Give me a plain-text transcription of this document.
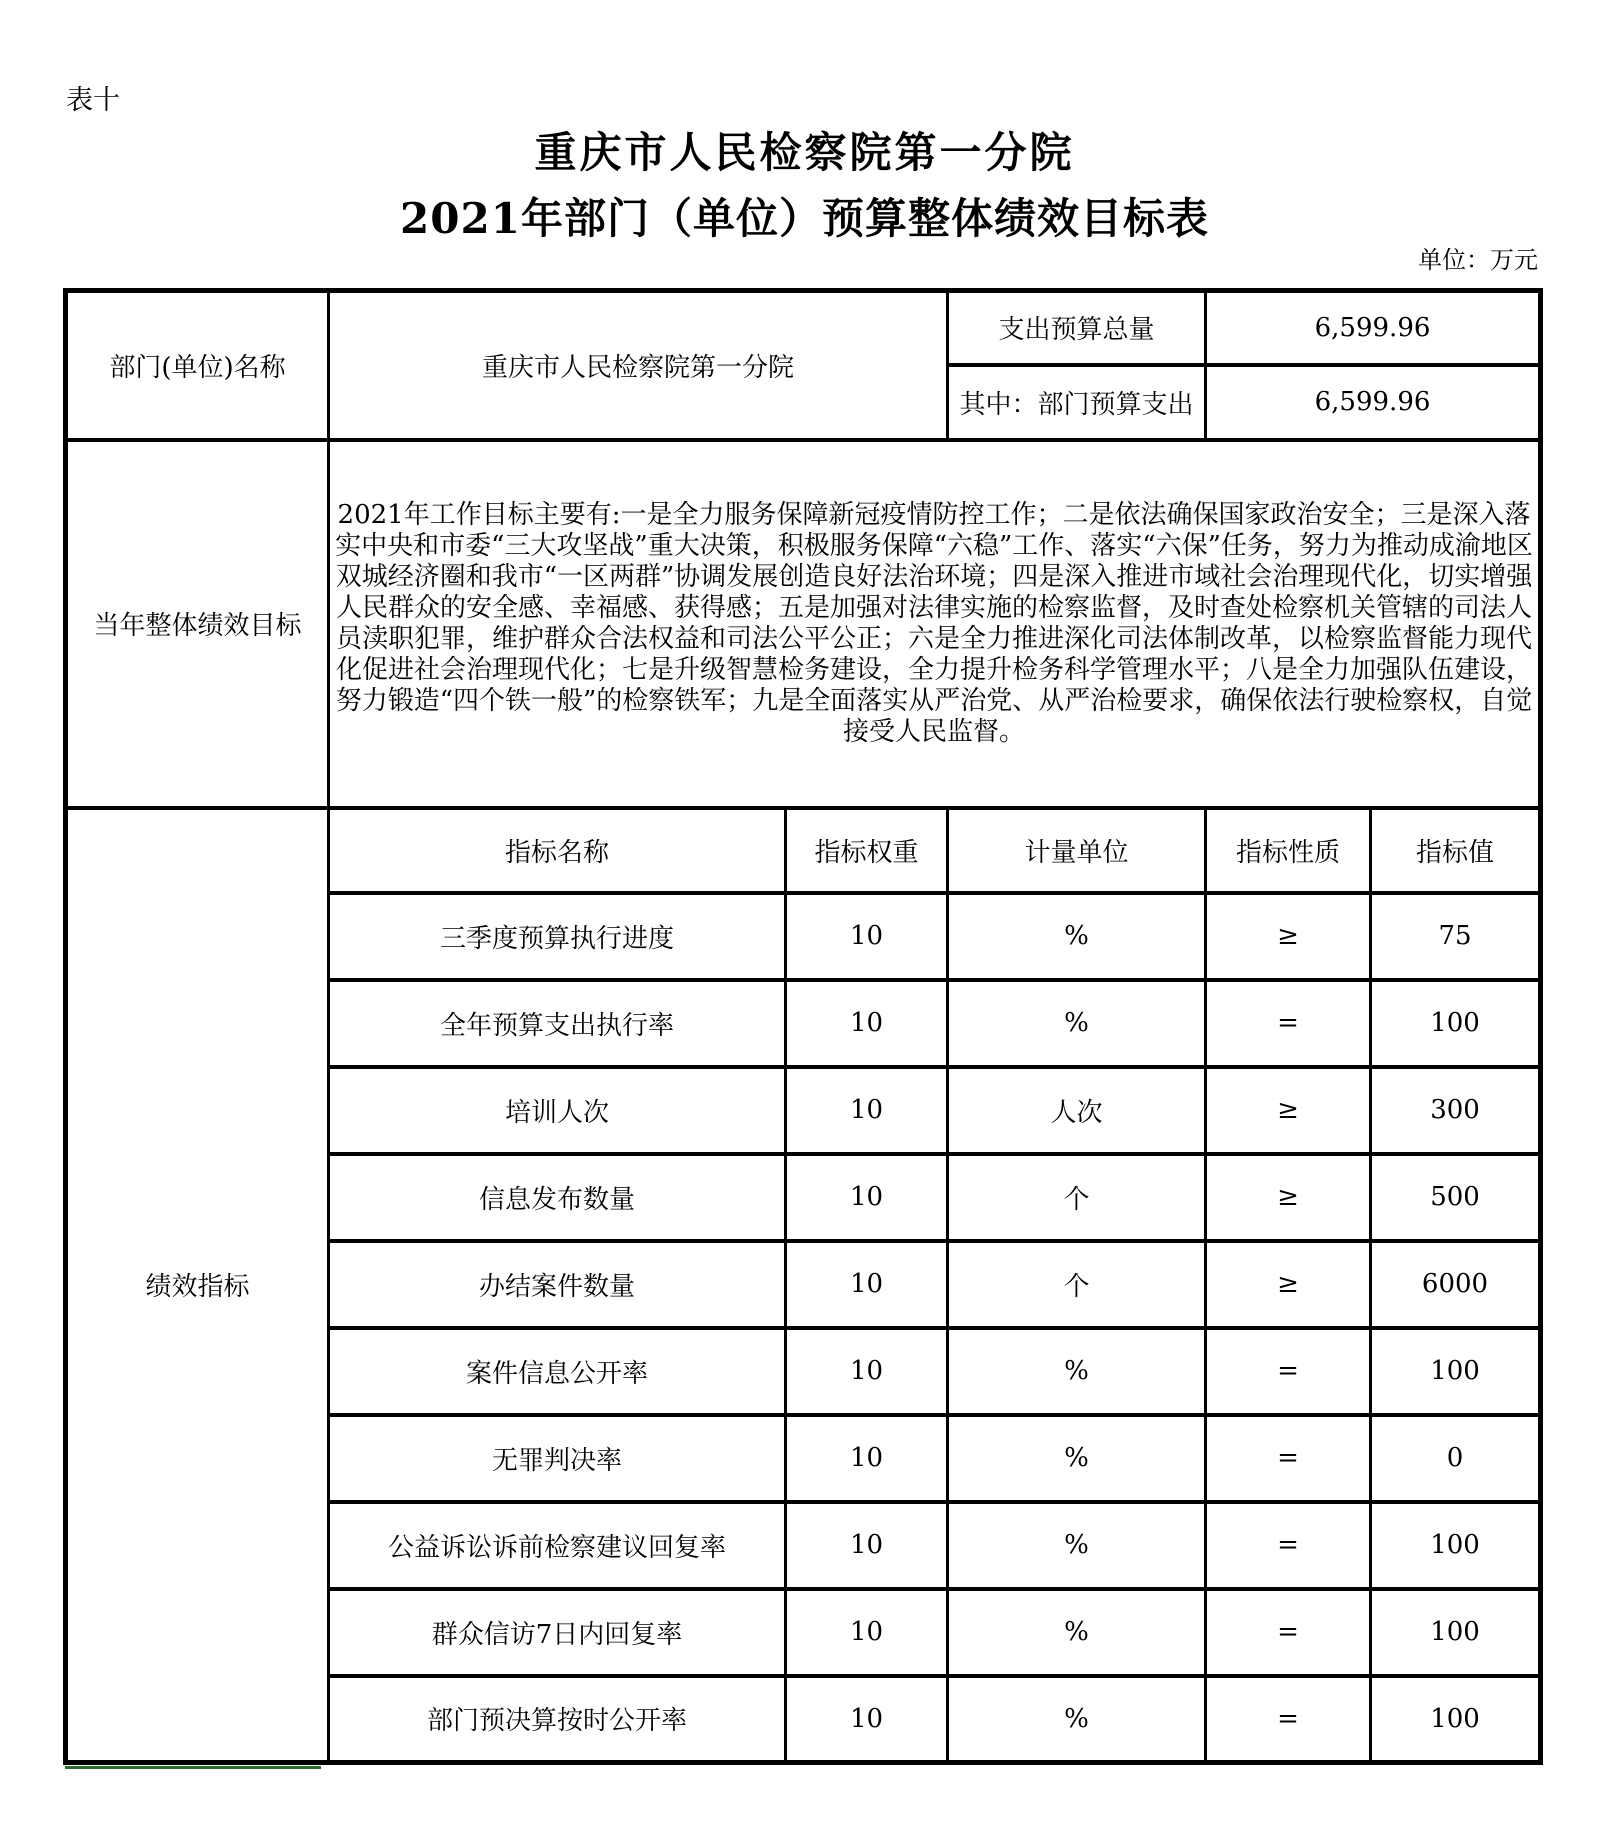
表十
重庆市人民检察院第一分院
2021年部门（单位）预算整体绩效目标表
单位：万元
部门(单位)名称	重庆市人民检察院第一分院		支出预算总量	6,599.96	
			其中：部门预算支出	6,599.96	
当年整体绩效目标	2021年工作目标主要有:一是全力服务保障新冠疫情防控工作；二是依法确保国家政治安全；三是深入落实中央和市委“三大攻坚战”重大决策，积极服务保障“六稳”工作、落实“六保”任务，努力为推动成渝地区双城经济圈和我市“一区两群”协调发展创造良好法治环境；四是深入推进市域社会治理现代化，切实增强人民群众的安全感、幸福感、获得感；五是加强对法律实施的检察监督，及时查处检察机关管辖的司法人员渎职犯罪，维护群众合法权益和司法公平公正；六是全力推进深化司法体制改革，以检察监督能力现代化促进社会治理现代化；七是升级智慧检务建设，全力提升检务科学管理水平；八是全力加强队伍建设，努力锻造“四个铁一般”的检察铁军；九是全面落实从严治党、从严治检要求，确保依法行驶检察权，自觉接受人民监督。				
绩效指标	指标名称	指标权重	计量单位	指标性质	指标值
	三季度预算执行进度	10	%	≥	75
	全年预算支出执行率	10	%	=	100
	培训人次	10	人次	≥	300
	信息发布数量	10	个	≥	500
	办结案件数量	10	个	≥	6000
	案件信息公开率	10	%	=	100
	无罪判决率	10	%	=	0
	公益诉讼诉前检察建议回复率	10	%	=	100
	群众信访7日内回复率	10	%	=	100
	部门预决算按时公开率	10	%	=	100
